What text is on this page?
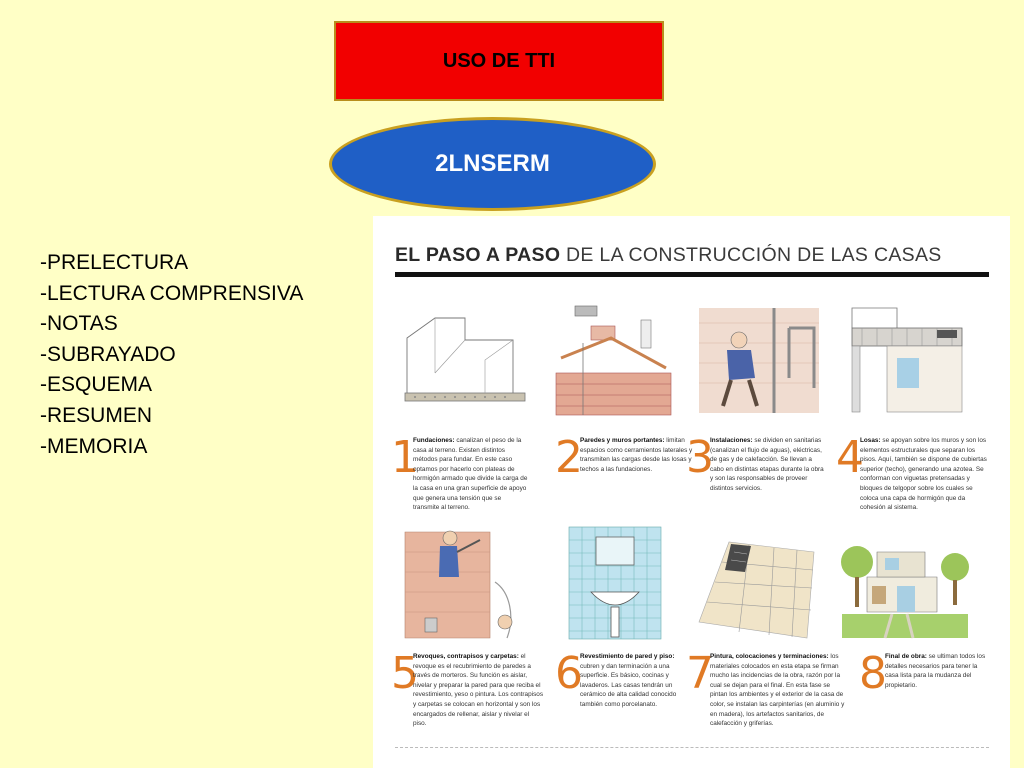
USO DE TTI
2LNSERM
-PRELECTURA
-LECTURA COMPRENSIVA
-NOTAS
-SUBRAYADO
-ESQUEMA
-RESUMEN
-MEMORIA
EL PASO A PASO DE LA CONSTRUCCIÓN DE LAS CASAS
1
Fundaciones: canalizan el peso de la casa al terreno. Existen distintos métodos para fundar. En este caso optamos por hacerlo con plateas de hormigón armado que divide la carga de la casa en una gran superficie de apoyo que genera una tensión que se transmite al terreno.
2
Paredes y muros portantes: limitan espacios como cerramientos laterales y transmiten las cargas desde las losas y techos a las fundaciones. 3
Instalaciones: se dividen en sanitarias (canalizan el flujo de aguas), eléctricas, de gas y de calefacción. Se llevan a cabo en distintas etapas durante la obra y son las responsables de proveer distintos servicios.
4
Losas: se apoyan sobre los muros y son los elementos estructurales que separan los pisos. Aquí, también se dispone de cubiertas superior (techo), generando una azotea. Se conforman con viguetas pretensadas y bloques de telgopor sobre los cuales se coloca una capa de hormigón que da cohesión al sistema.
5
Revoques, contrapisos y carpetas: el revoque es el recubrimiento de paredes a través de morteros. Su función es aislar, nivelar y preparar la pared para que reciba el revestimiento, yeso o pintura. Los contrapisos y carpetas se colocan en horizontal y son los encargados de rellenar, aislar y nivelar el piso.
6
Revestimiento de pared y piso: cubren y dan terminación a una superficie. Es básico, cocinas y lavaderos. Las casas tendrán un cerámico de alta calidad conocido también como porcelanato.
7
Pintura, colocaciones y terminaciones: los materiales colocados en esta etapa se firman mucho las incidencias de la obra, razón por la cual se dejan para el final. En esta fase se pintan los ambientes y el exterior de la casa de color, se instalan las carpinterías (en aluminio y en madera), los artefactos sanitarios, de calefacción y griferías.
8
Final de obra: se ultiman todos los detalles necesarios para tener la casa lista para la mudanza del propietario.
